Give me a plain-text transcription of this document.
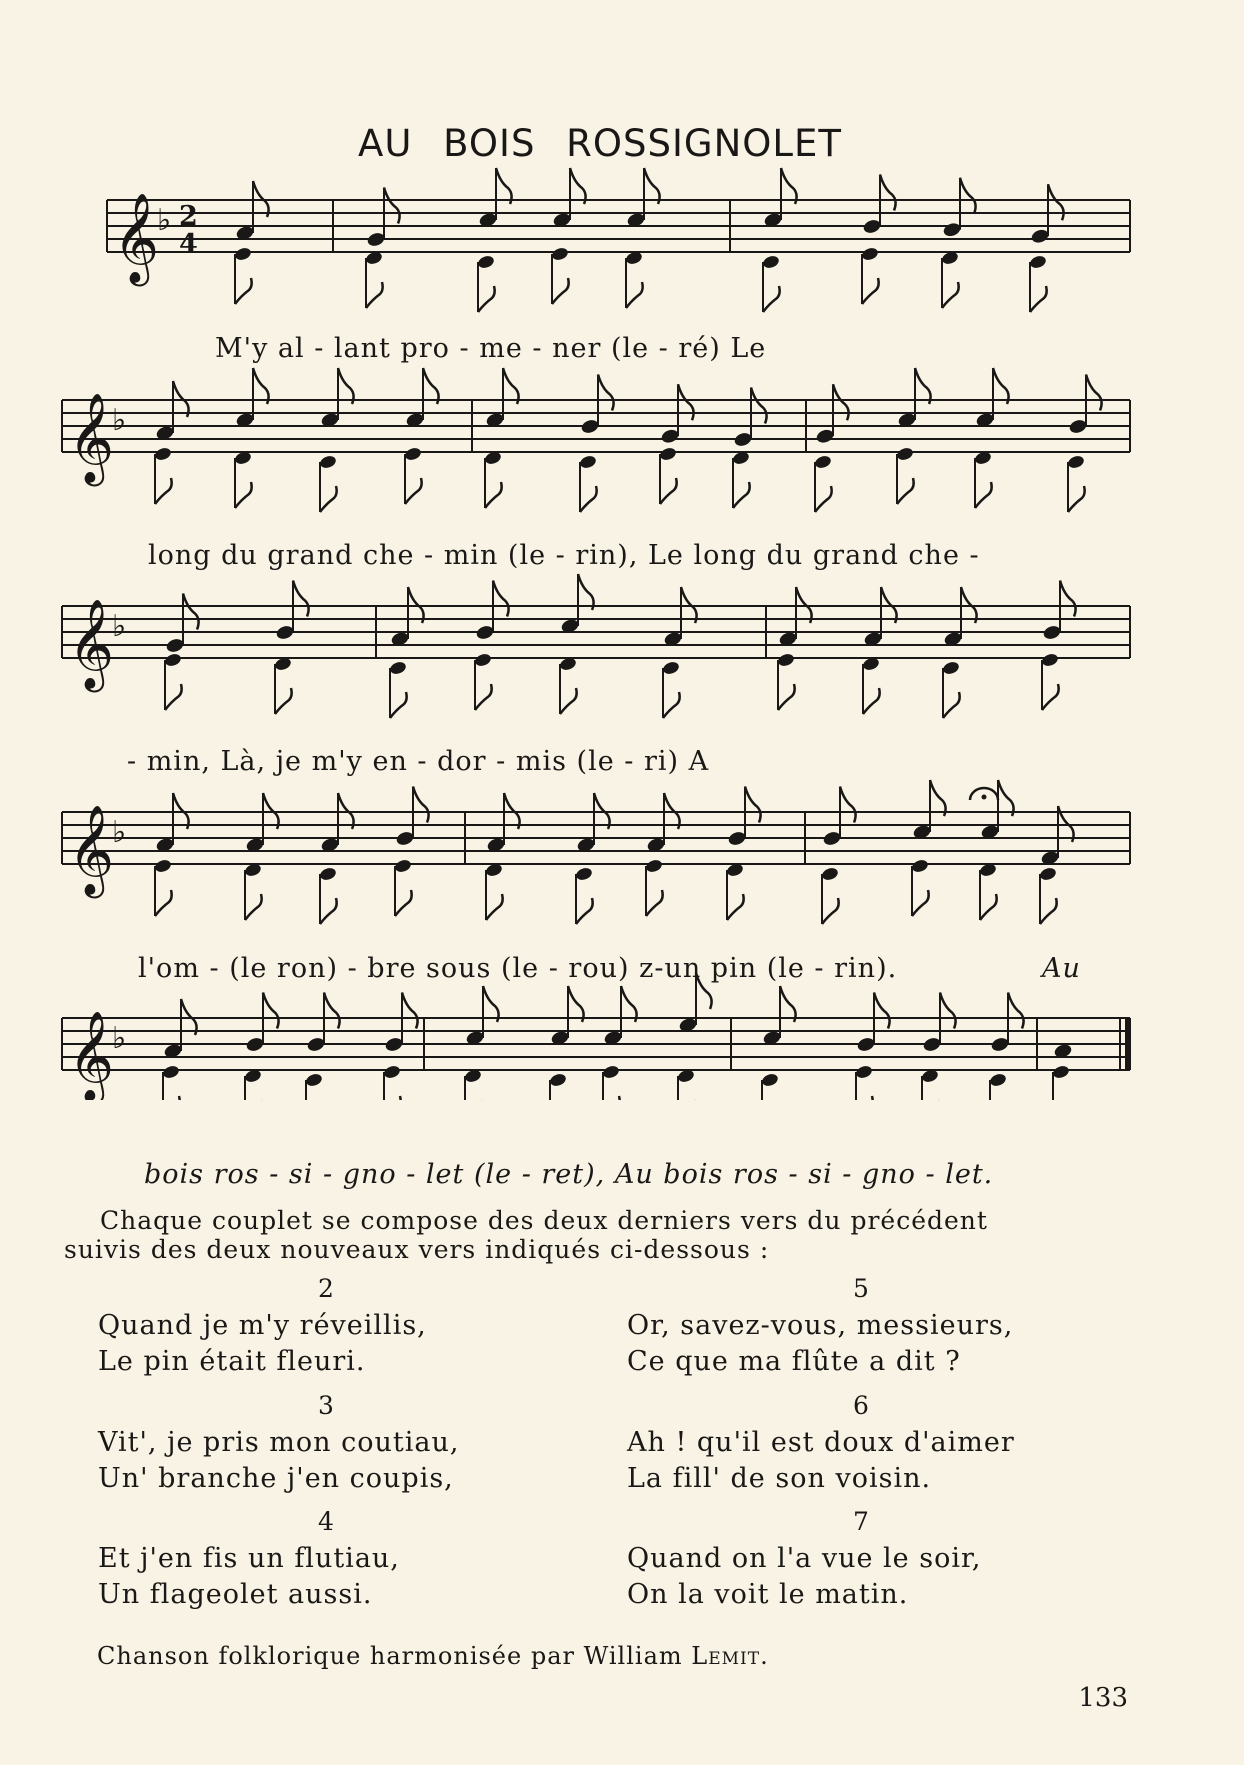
AU BOIS ROSSIGNOLET
𝄞
♭ 2
4
𝄞
♭
𝄞
♭
𝄞
♭
𝄞
♭
M'y al - lant pro - me - ner (le - ré) Le
long du grand che - min (le - rin), Le long du grand che -
- min, Là, je m'y en - dor - mis (le - ri) A
l'om - (le ron) - bre sous (le - rou) z-un pin (le - rin).	Au
bois ros - si - gno - let (le - ret), Au bois ros - si - gno - let.
Chaque couplet se compose des deux derniers vers du précédent
suivis des deux nouveaux vers indiqués ci-dessous :
2
Quand je m'y réveillis,
Le pin était fleuri.
3
Vit', je pris mon coutiau,
Un' branche j'en coupis,
4
Et j'en fis un flutiau,
Un flageolet aussi.
5
Or, savez-vous, messieurs,
Ce que ma flûte a dit ?
6
Ah ! qu'il est doux d'aimer
La fill' de son voisin.
7
Quand on l'a vue le soir,
On la voit le matin.
Chanson folklorique harmonisée par William Lemit.
133
